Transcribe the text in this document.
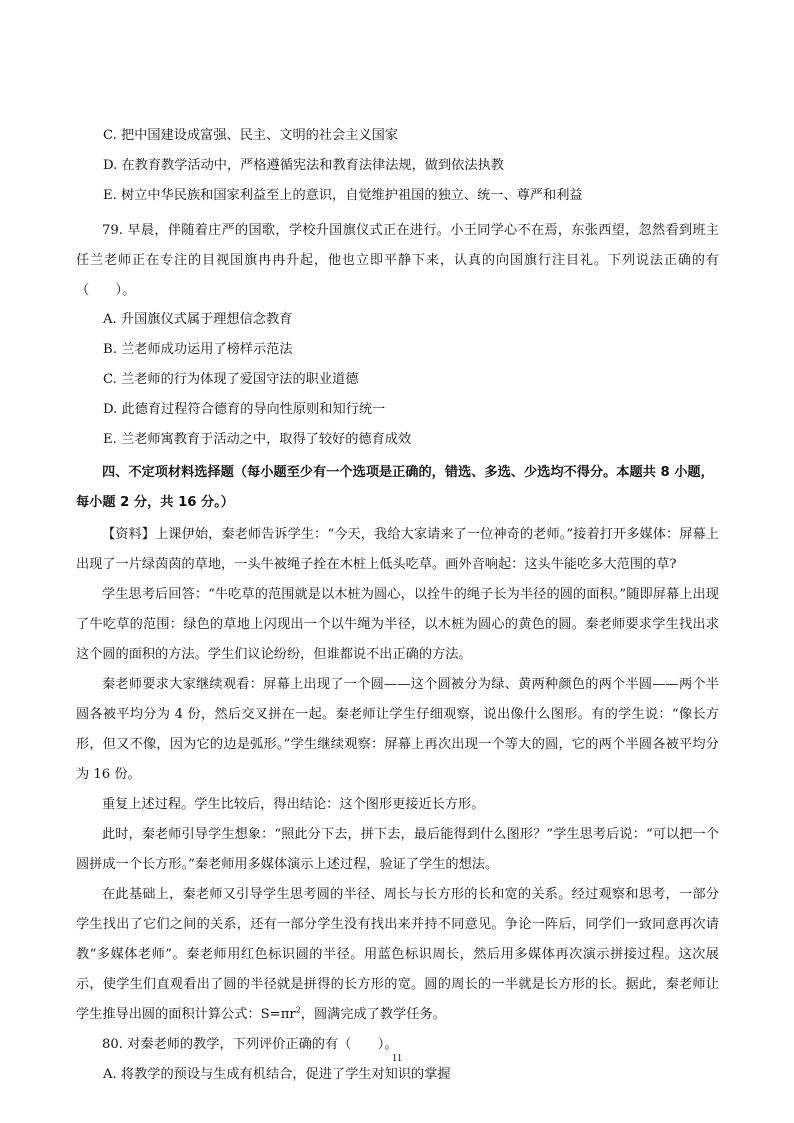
C. 把中国建设成富强、民主、文明的社会主义国家

D. 在教育教学活动中，严格遵循宪法和教育法律法规，做到依法执教

E. 树立中华民族和国家利益至上的意识，自觉维护祖国的独立、统一、尊严和利益

79. 早晨，伴随着庄严的国歌，学校升国旗仪式正在进行。小王同学心不在焉，东张西望，忽然看到班主任兰老师正在专注的目视国旗冉冉升起，他也立即平静下来，认真的向国旗行注目礼。下列说法正确的有（　　）。

A. 升国旗仪式属于理想信念教育

B. 兰老师成功运用了榜样示范法

C. 兰老师的行为体现了爱国守法的职业道德

D. 此德育过程符合德育的导向性原则和知行统一

E. 兰老师寓教育于活动之中，取得了较好的德育成效

四、不定项材料选择题（每小题至少有一个选项是正确的，错选、多选、少选均不得分。本题共 8 小题，每小题 2 分，共 16 分。）

【资料】上课伊始，秦老师告诉学生：“今天，我给大家请来了一位神奇的老师。”接着打开多媒体：屏幕上出现了一片绿茵茵的草地，一头牛被绳子拴在木桩上低头吃草。画外音响起：这头牛能吃多大范围的草?

学生思考后回答：“牛吃草的范围就是以木桩为圆心，以拴牛的绳子长为半径的圆的面积。”随即屏幕上出现了牛吃草的范围：绿色的草地上闪现出一个以牛绳为半径，以木桩为圆心的黄色的圆。秦老师要求学生找出求这个圆的面积的方法。学生们议论纷纷，但谁都说不出正确的方法。

秦老师要求大家继续观看：屏幕上出现了一个圆——这个圆被分为绿、黄两种颜色的两个半圆——两个半圆各被平均分为 4 份，然后交叉拼在一起。秦老师让学生仔细观察，说出像什么图形。有的学生说：“像长方形，但又不像，因为它的边是弧形。”学生继续观察：屏幕上再次出现一个等大的圆，它的两个半圆各被平均分为 16 份。

重复上述过程。学生比较后，得出结论：这个图形更接近长方形。

此时，秦老师引导学生想象：“照此分下去，拼下去，最后能得到什么图形？”学生思考后说：“可以把一个圆拼成一个长方形。”秦老师用多媒体演示上述过程，验证了学生的想法。

在此基础上，秦老师又引导学生思考圆的半径、周长与长方形的长和宽的关系。经过观察和思考，一部分学生找出了它们之间的关系，还有一部分学生没有找出来并持不同意见。争论一阵后，同学们一致同意再次请教“多媒体老师”。秦老师用红色标识圆的半径。用蓝色标识周长，然后用多媒体再次演示拼接过程。这次展示，使学生们直观看出了圆的半径就是拼得的长方形的宽。圆的周长的一半就是长方形的长。据此，秦老师让学生推导出圆的面积计算公式：$S=\pi r^2$，圆满完成了教学任务。

80. 对秦老师的教学，下列评价正确的有（　　）。

A. 将教学的预设与生成有机结合，促进了学生对知识的掌握

11
